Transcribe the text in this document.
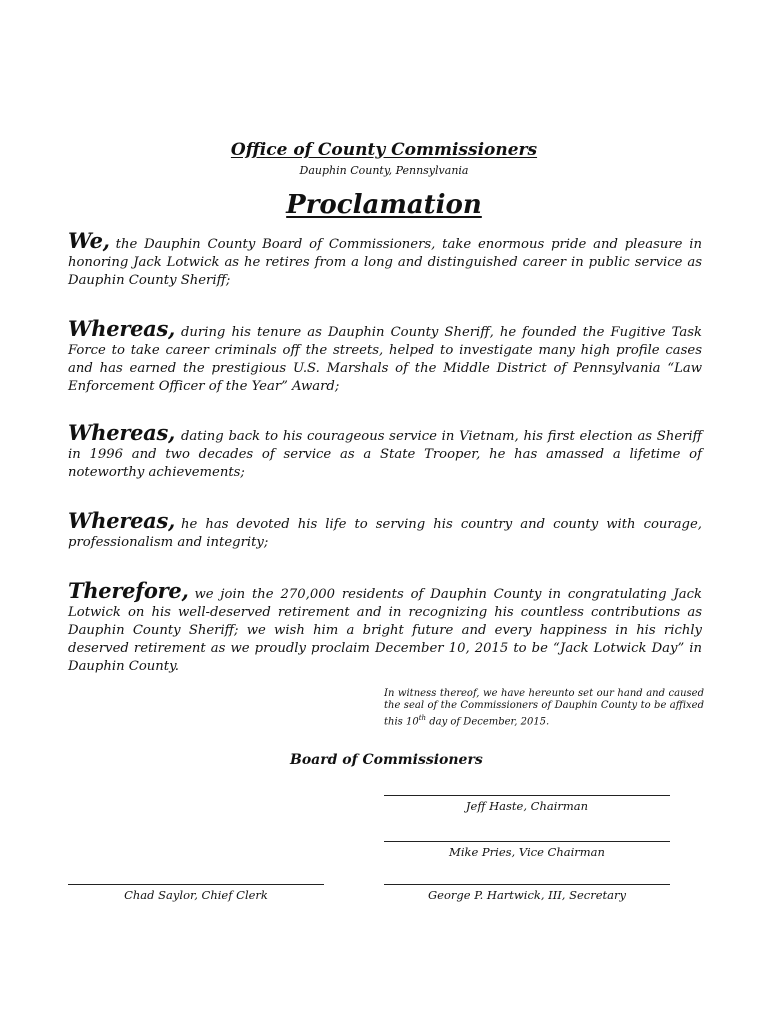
Office of County Commissioners
Dauphin County, Pennsylvania
Proclamation

We, the Dauphin County Board of Commissioners, take enormous pride and pleasure in honoring Jack Lotwick as he retires from a long and distinguished career in public service as Dauphin County Sheriff;

Whereas, during his tenure as Dauphin County Sheriff, he founded the Fugitive Task Force to take career criminals off the streets, helped to investigate many high profile cases and has earned the prestigious U.S. Marshals of the Middle District of Pennsylvania “Law Enforcement Officer of the Year” Award;

Whereas, dating back to his courageous service in Vietnam, his first election as Sheriff in 1996 and two decades of service as a State Trooper, he has amassed a lifetime of noteworthy achievements;

Whereas, he has devoted his life to serving his country and county with courage, professionalism and integrity;

Therefore, we join the 270,000 residents of Dauphin County in congratulating Jack Lotwick on his well-deserved retirement and in recognizing his countless contributions as Dauphin County Sheriff; we wish him a bright future and every happiness in his richly deserved retirement as we proudly proclaim December 10, 2015 to be “Jack Lotwick Day” in Dauphin County.

In witness thereof, we have hereunto set our hand and caused the seal of the Commissioners of Dauphin County to be affixed this 10th day of December, 2015.
Board of Commissioners
Jeff Haste, Chairman
Mike Pries, Vice Chairman
George P. Hartwick, III, Secretary
Chad Saylor, Chief Clerk
